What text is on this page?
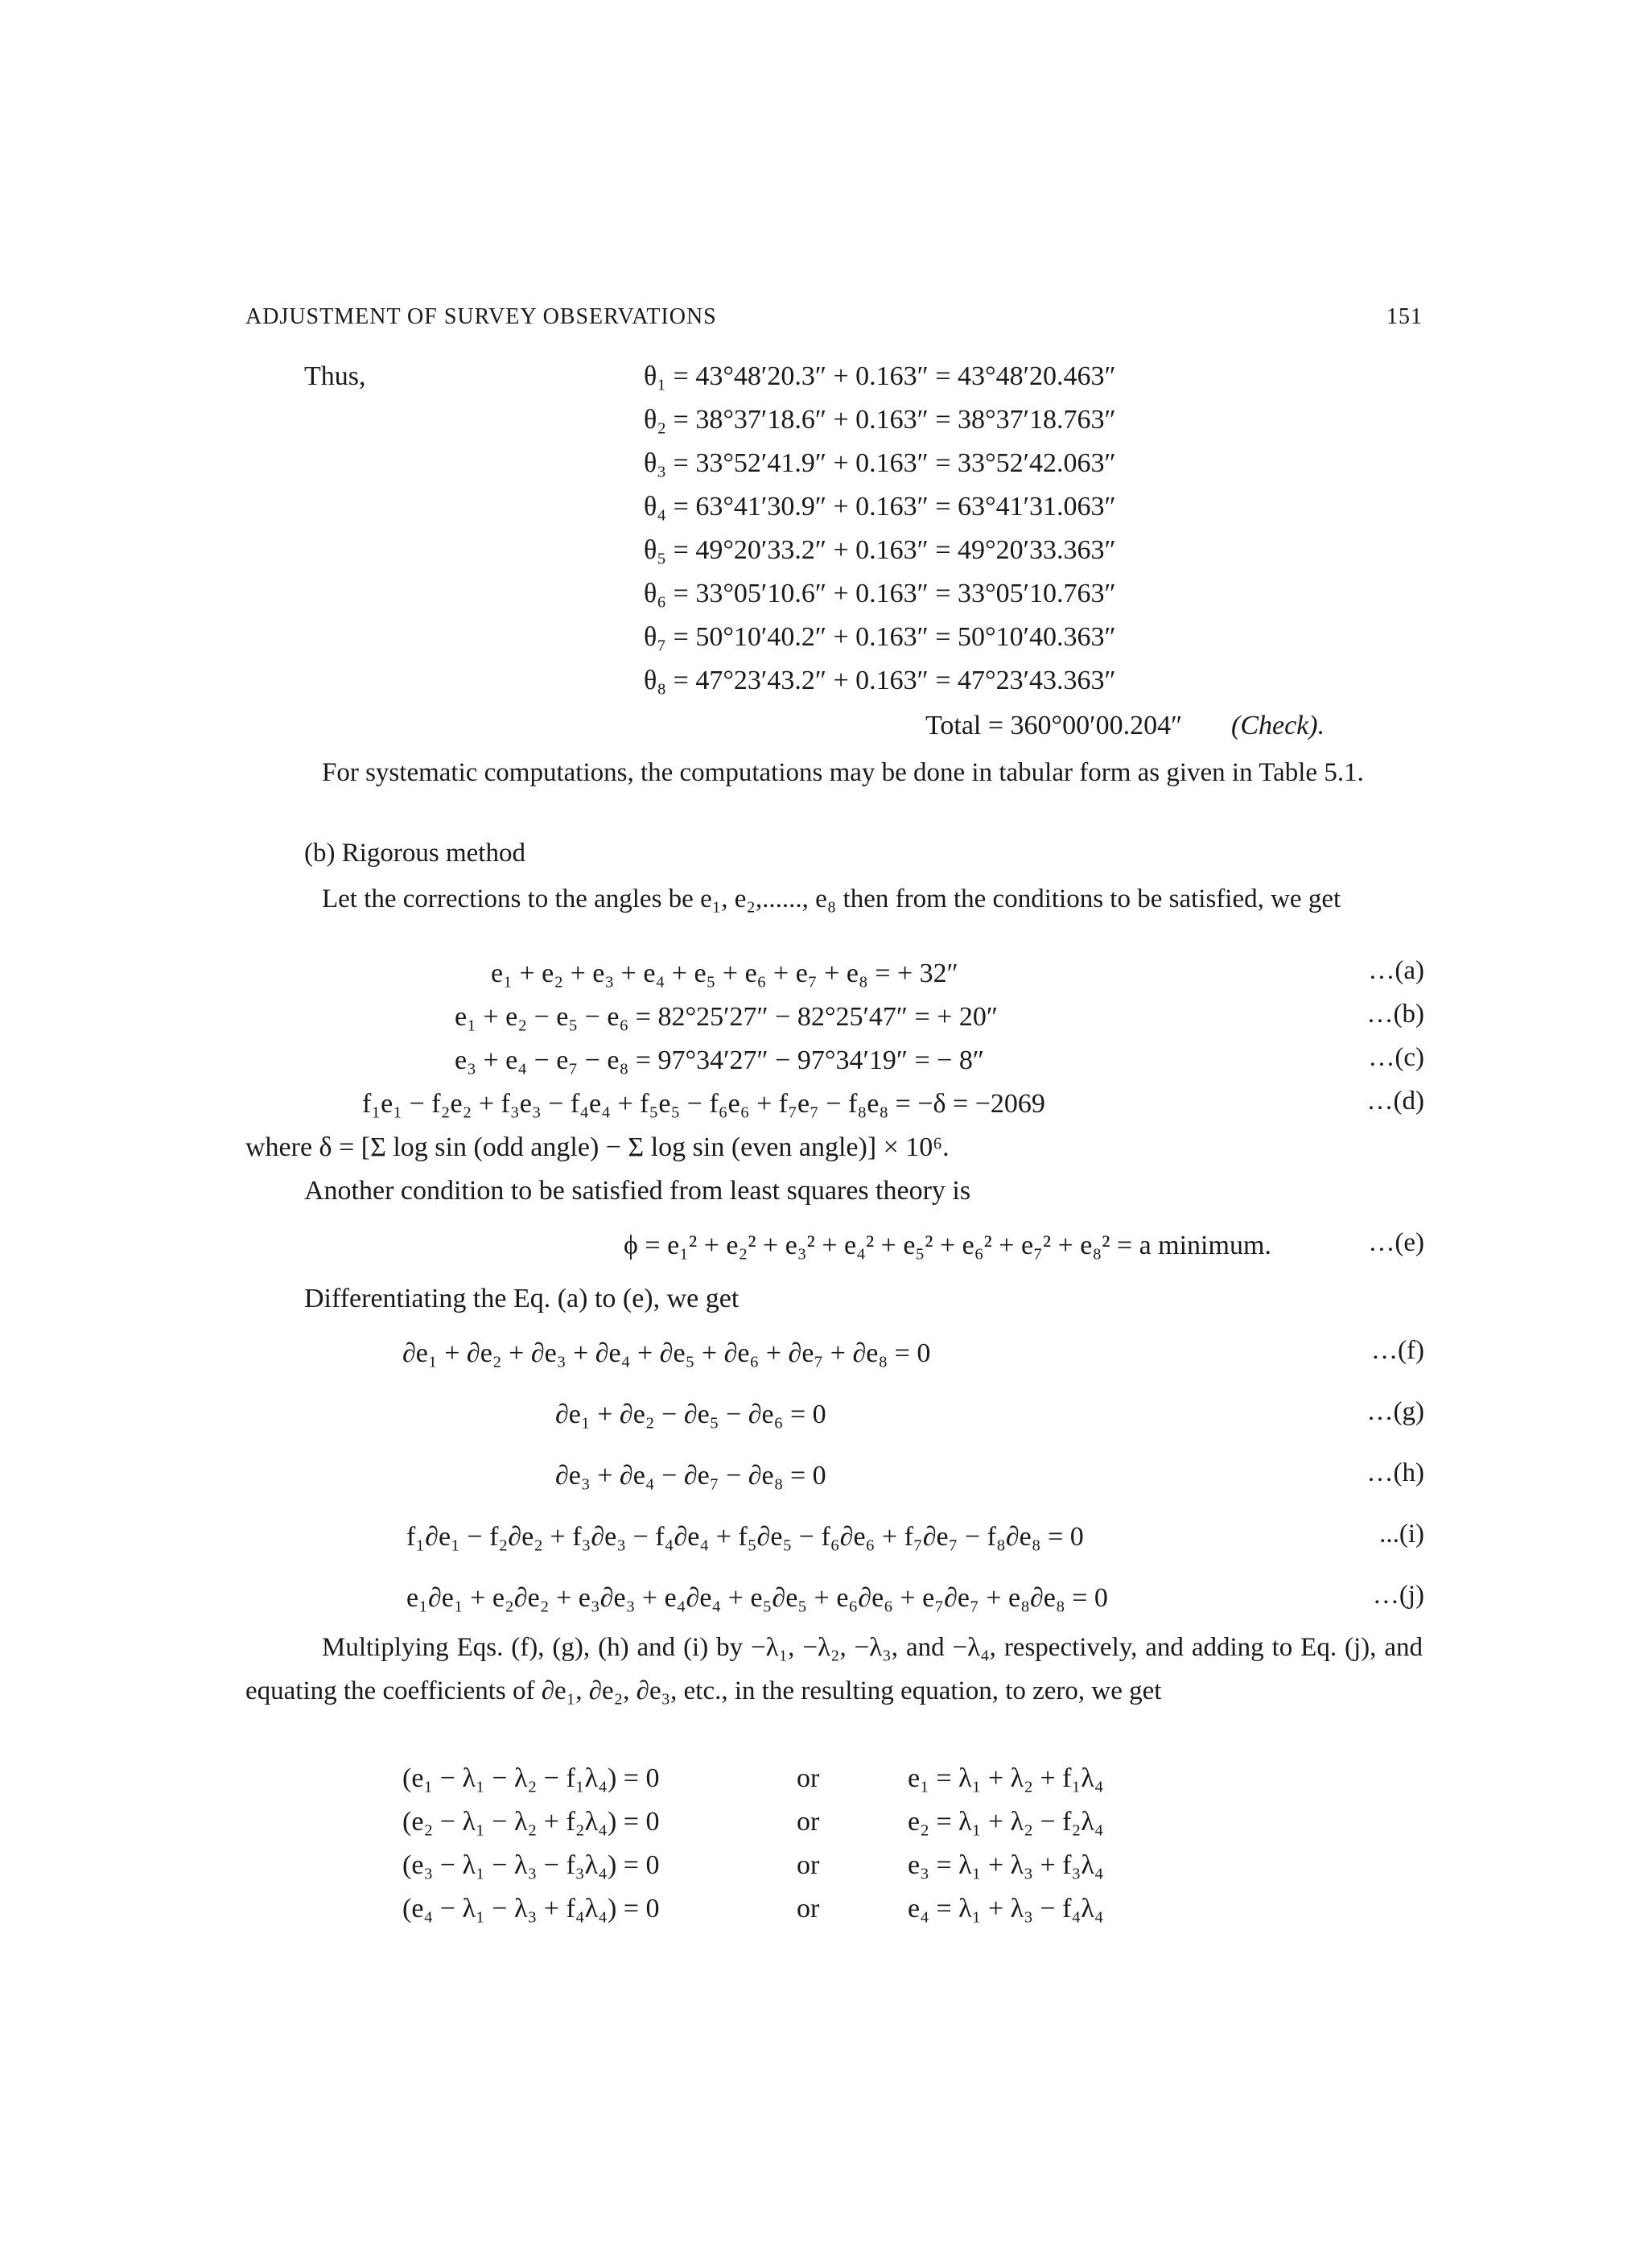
ADJUSTMENT OF SURVEY OBSERVATIONS	151
Thus,	θ₁ = 43°48′20.3″ + 0.163″ = 43°48′20.463″
θ₂ = 38°37′18.6″ + 0.163″ = 38°37′18.763″
θ₃ = 33°52′41.9″ + 0.163″ = 33°52′42.063″
θ₄ = 63°41′30.9″ + 0.163″ = 63°41′31.063″
θ₅ = 49°20′33.2″ + 0.163″ = 49°20′33.363″
θ₆ = 33°05′10.6″ + 0.163″ = 33°05′10.763″
θ₇ = 50°10′40.2″ + 0.163″ = 50°10′40.363″
θ₈ = 47°23′43.2″ + 0.163″ = 47°23′43.363″
Total = 360°00′00.204″ (Check).
For systematic computations, the computations may be done in tabular form as given in Table 5.1.
(b) Rigorous method
Let the corrections to the angles be e₁, e₂,......, e₈ then from the conditions to be satisfied, we get
e₁ + e₂ + e₃ + e₄ + e₅ + e₆ + e₇ + e₈ = + 32″	…(a)
e₁ + e₂ − e₅ − e₆ = 82°25′27″ − 82°25′47″ = + 20″	…(b)
e₃ + e₄ − e₇ − e₈ = 97°34′27″ − 97°34′19″ = − 8″	…(c)
f₁e₁ − f₂e₂ + f₃e₃ − f₄e₄ + f₅e₅ − f₆e₆ + f₇e₇ − f₈e₈ = −δ = −2069	…(d)
where δ = [Σ log sin (odd angle) − Σ log sin (even angle)] × 10⁶.
Another condition to be satisfied from least squares theory is
ϕ = e₁² + e₂² + e₃² + e₄² + e₅² + e₆² + e₇² + e₈² = a minimum.	…(e)
Differentiating the Eq. (a) to (e), we get
∂e₁ + ∂e₂ + ∂e₃ + ∂e₄ + ∂e₅ + ∂e₆ + ∂e₇ + ∂e₈ = 0	…(f)
∂e₁ + ∂e₂ − ∂e₅ − ∂e₆ = 0	…(g)
∂e₃ + ∂e₄ − ∂e₇ − ∂e₈ = 0	…(h)
f₁∂e₁ − f₂∂e₂ + f₃∂e₃ − f₄∂e₄ + f₅∂e₅ − f₆∂e₆ + f₇∂e₇ − f₈∂e₈ = 0	...(i)
e₁∂e₁ + e₂∂e₂ + e₃∂e₃ + e₄∂e₄ + e₅∂e₅ + e₆∂e₆ + e₇∂e₇ + e₈∂e₈ = 0	…(j)
Multiplying Eqs. (f), (g), (h) and (i) by −λ₁, −λ₂, −λ₃, and −λ₄, respectively, and adding to Eq. (j), and equating the coefficients of ∂e₁, ∂e₂, ∂e₃, etc., in the resulting equation, to zero, we get
(e₁ − λ₁ − λ₂ − f₁λ₄) = 0	or	e₁ = λ₁ + λ₂ + f₁λ₄
(e₂ − λ₁ − λ₂ + f₂λ₄) = 0	or	e₂ = λ₁ + λ₂ − f₂λ₄
(e₃ − λ₁ − λ₃ − f₃λ₄) = 0	or	e₃ = λ₁ + λ₃ + f₃λ₄
(e₄ − λ₁ − λ₃ + f₄λ₄) = 0	or	e₄ = λ₁ + λ₃ − f₄λ₄
